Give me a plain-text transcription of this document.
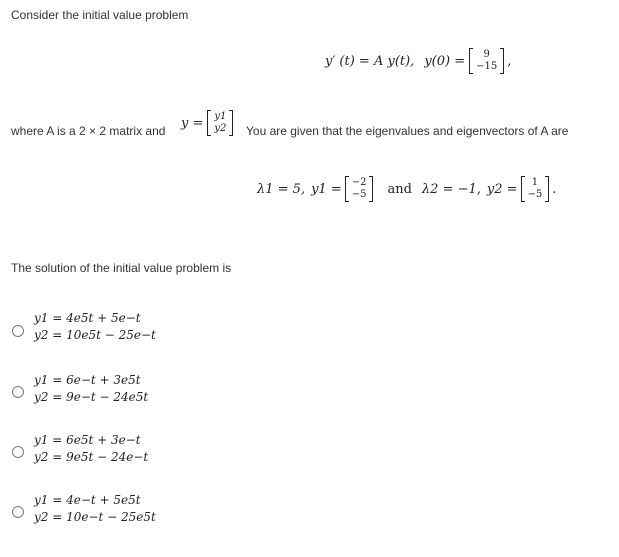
Consider the initial value problem
y′ (t) = A y(t), y(0) =	9
−15 ,
where A is a 2 × 2 matrix and
y = y1
y2 You are given that the eigenvalues and eigenvectors of A are
λ1 = 5, y1 = −2
−5 and λ2 = −1, y2 =	1
−5 .
The solution of the initial value problem is
y1 = 4e5t + 5e−t
y2 = 10e5t − 25e−t
y1 = 6e−t + 3e5t
y2 = 9e−t − 24e5t
y1 = 6e5t + 3e−t
y2 = 9e5t − 24e−t
y1 = 4e−t + 5e5t
y2 = 10e−t − 25e5t
